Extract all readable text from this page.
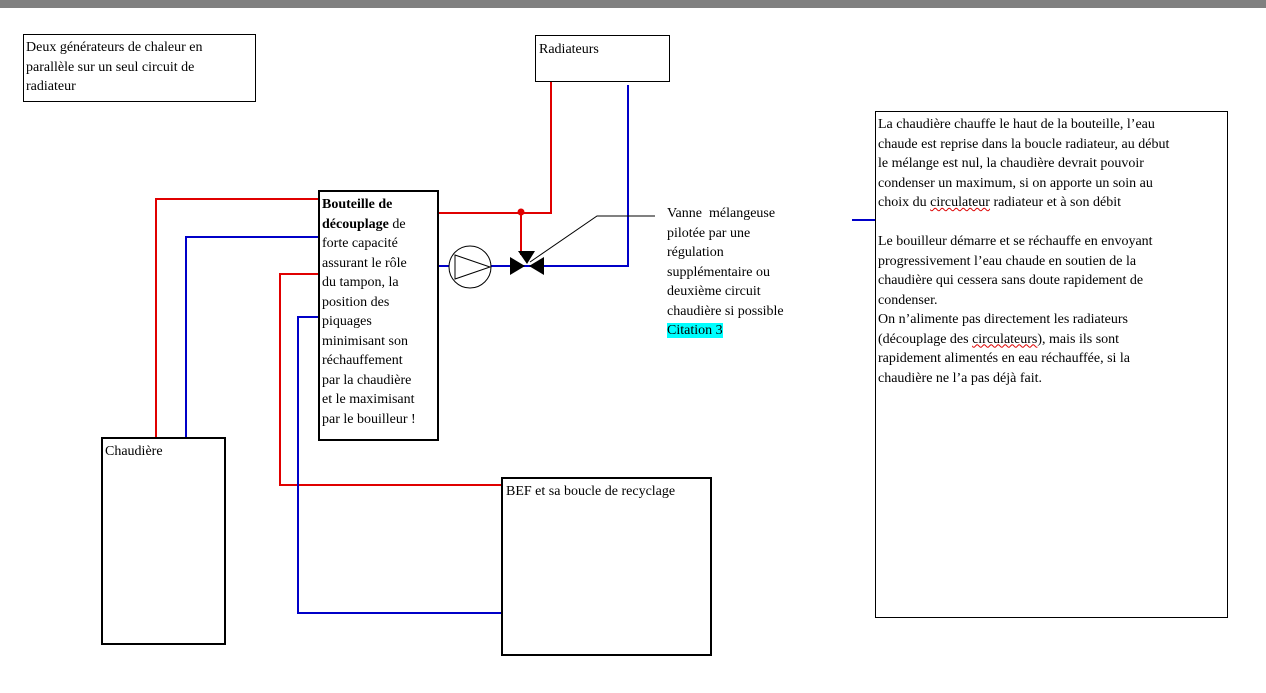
Deux générateurs de chaleur en
parallèle sur un seul circuit de
radiateur
Radiateurs
Bouteille de
découplage de
forte capacité
assurant le rôle
du tampon, la
position des
piquages
minimisant son
réchauffement
par la chaudière
et le maximisant
par le bouilleur !
Vanne  mélangeuse
pilotée par une
régulation
supplémentaire ou
deuxième circuit
chaudière si possible
Citation 3
Chaudière
BEF et sa boucle de recyclage
La chaudière chauffe le haut de la bouteille, l’eau
chaude est reprise dans la boucle radiateur, au début
le mélange est nul, la chaudière devrait pouvoir
condenser un maximum, si on apporte un soin au
choix du circulateur radiateur et à son débit
Le bouilleur démarre et se réchauffe en envoyant
progressivement l’eau chaude en soutien de la
chaudière qui cessera sans doute rapidement de
condenser.
On n’alimente pas directement les radiateurs
(découplage des circulateurs), mais ils sont
rapidement alimentés en eau réchauffée, si la
chaudière ne l’a pas déjà fait.
